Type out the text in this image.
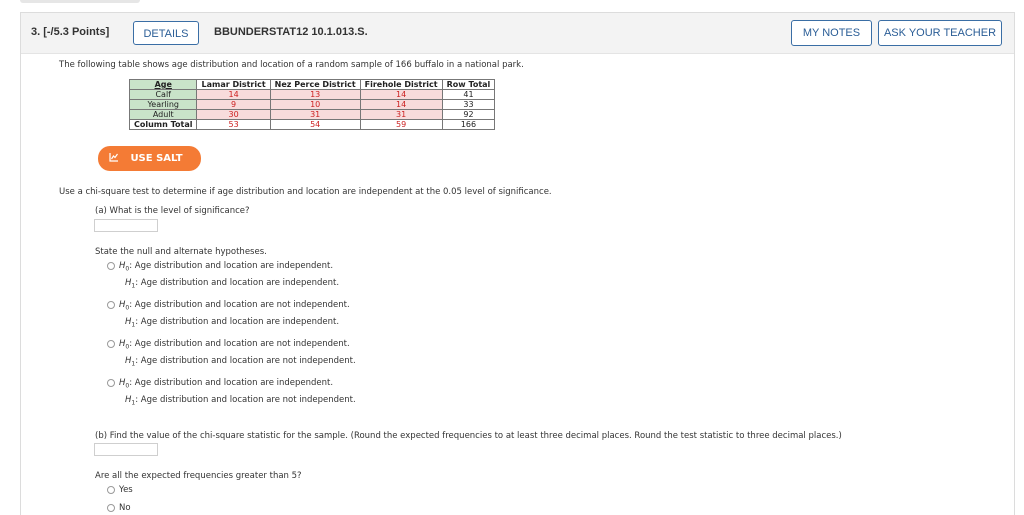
3. [-/5.3 Points]	DETAILS	BBUNDERSTAT12 10.1.013.S.	MY NOTES	ASK YOUR TEACHER
The following table shows age distribution and location of a random sample of 166 buffalo in a national park.
Age	Lamar District	Nez Perce District	Firehole District	Row Total
Calf	14	13	14	41
Yearling	9	10	14	33
Adult	30	31	31	92
Column Total	53	54	59	166
USE SALT
Use a chi-square test to determine if age distribution and location are independent at the 0.05 level of significance.
(a) What is the level of significance?
State the null and alternate hypotheses.
$H_0$: Age distribution and location are independent.
$H_1$: Age distribution and location are independent.
$H_0$: Age distribution and location are not independent.
$H_1$: Age distribution and location are independent.
$H_0$: Age distribution and location are not independent.
$H_1$: Age distribution and location are not independent.
$H_0$: Age distribution and location are independent.
$H_1$: Age distribution and location are not independent.
(b) Find the value of the chi-square statistic for the sample. (Round the expected frequencies to at least three decimal places. Round the test statistic to three decimal places.)
Are all the expected frequencies greater than 5?
Yes
No
